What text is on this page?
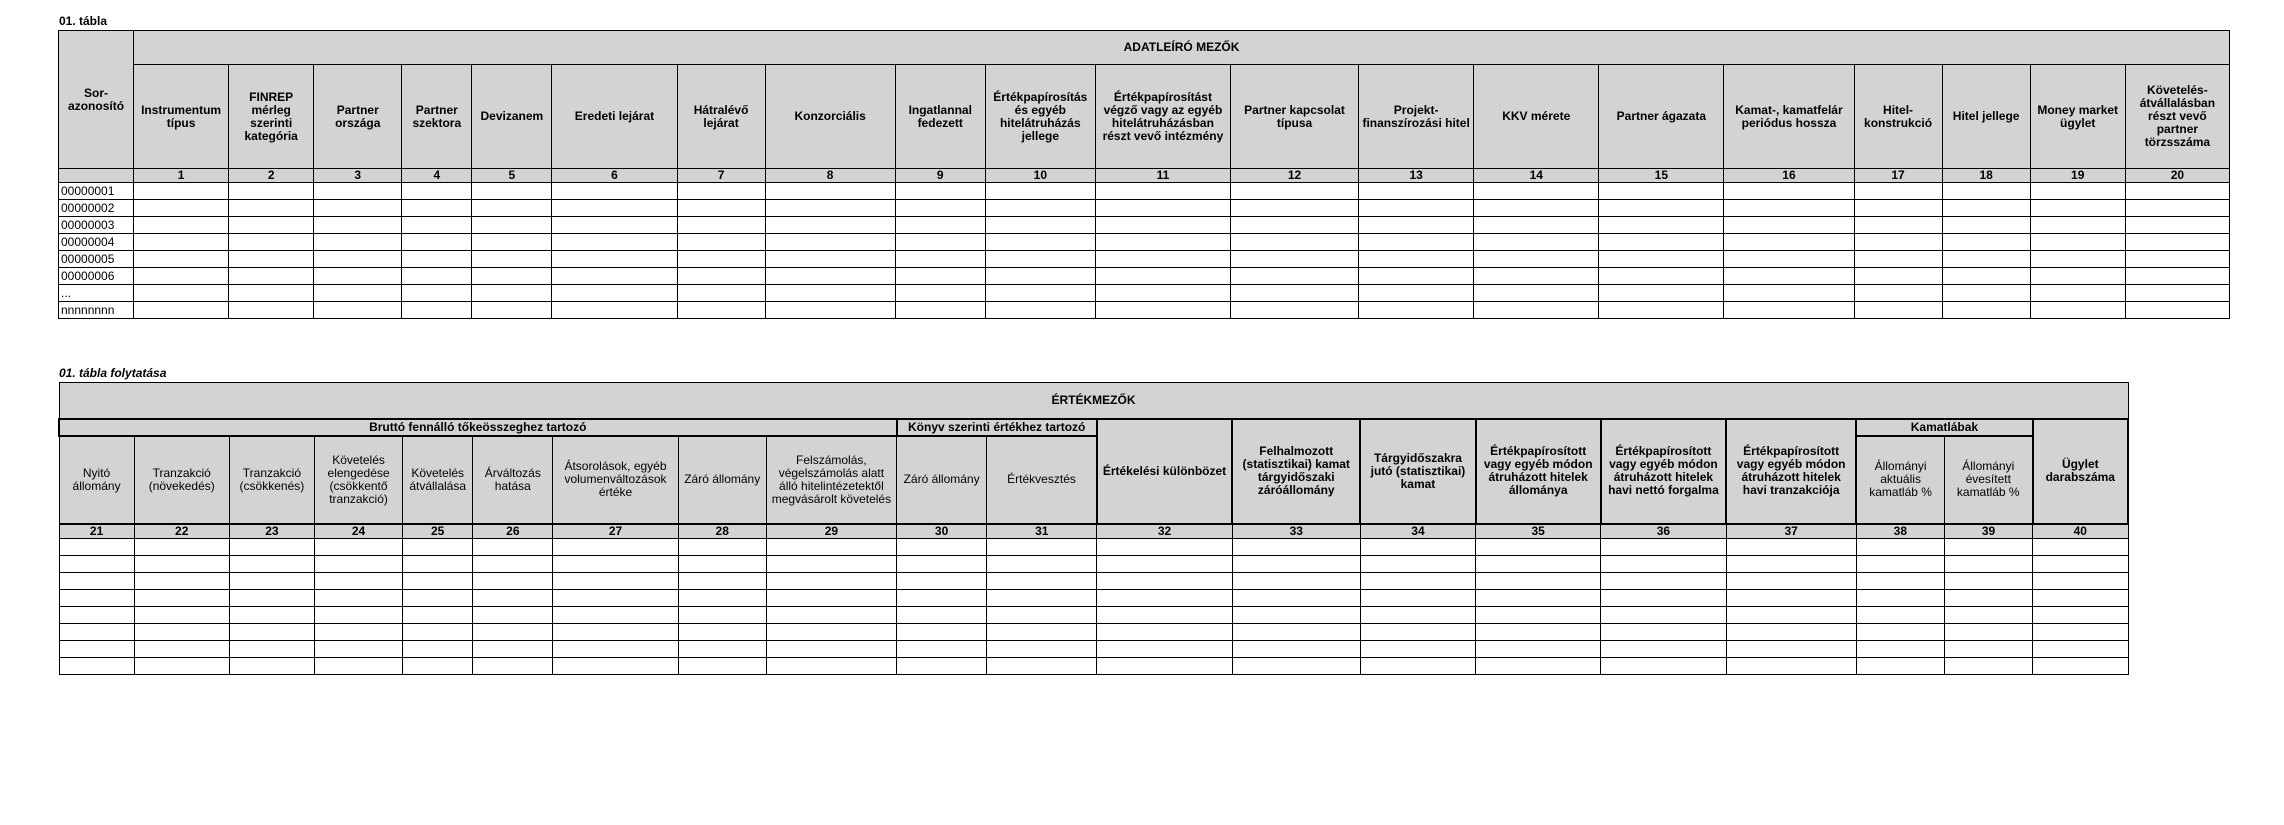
01. tábla
Sor-azonosító	ADATLEÍRÓ MEZŐK																			
	Instrumentum típus	FINREP mérleg szerinti kategória	Partner országa	Partner szektora	Devizanem	Eredeti lejárat	Hátralévő lejárat	Konzorciális	Ingatlannal fedezett	Értékpapírosítás és egyéb hitelátruházás jellege	Értékpapírosítást végző vagy az egyéb hitelátruházásban részt vevő intézmény	Partner kapcsolat típusa	Projekt-finanszírozási hitel	KKV mérete	Partner ágazata	Kamat-, kamatfelár periódus hossza	Hitel-konstrukció	Hitel jellege	Money market ügylet	Követelés-átvállalásban részt vevő partner törzsszáma
	1	2	3	4	5	6	7	8	9	10	11	12	13	14	15	16	17	18	19	20
00000001																				
00000002																				
00000003																				
00000004																				
00000005																				
00000006																				
...																				
nnnnnnnn																				
01. tábla folytatása
ÉRTÉKMEZŐK																			
Bruttó fennálló tőkeösszeghez tartozó									Könyv szerinti értékhez tartozó		Értékelési különbözet	Felhalmozott (statisztikai) kamat tárgyidőszaki záróállomány	Tárgyidőszakra jutó (statisztikai) kamat	Értékpapírosított vagy egyéb módon átruházott hitelek állománya	Értékpapírosított vagy egyéb módon átruházott hitelek havi nettó forgalma	Értékpapírosított vagy egyéb módon átruházott hitelek havi tranzakciója	Kamatlábak		Ügylet darabszáma
Nyitó állomány	Tranzakció (növekedés)	Tranzakció (csökkenés)	Követelés elengedése (csökkentő tranzakció)	Követelés átvállalása	Árváltozás hatása	Átsorolások, egyéb volumenváltozások értéke	Záró állomány	Felszámolás, végelszámolás alatt álló hitelintézetektől megvásárolt követelés	Záró állomány	Értékvesztés							Állományi aktuális kamatláb %	Állományi évesített kamatláb %	
21	22	23	24	25	26	27	28	29	30	31	32	33	34	35	36	37	38	39	40
